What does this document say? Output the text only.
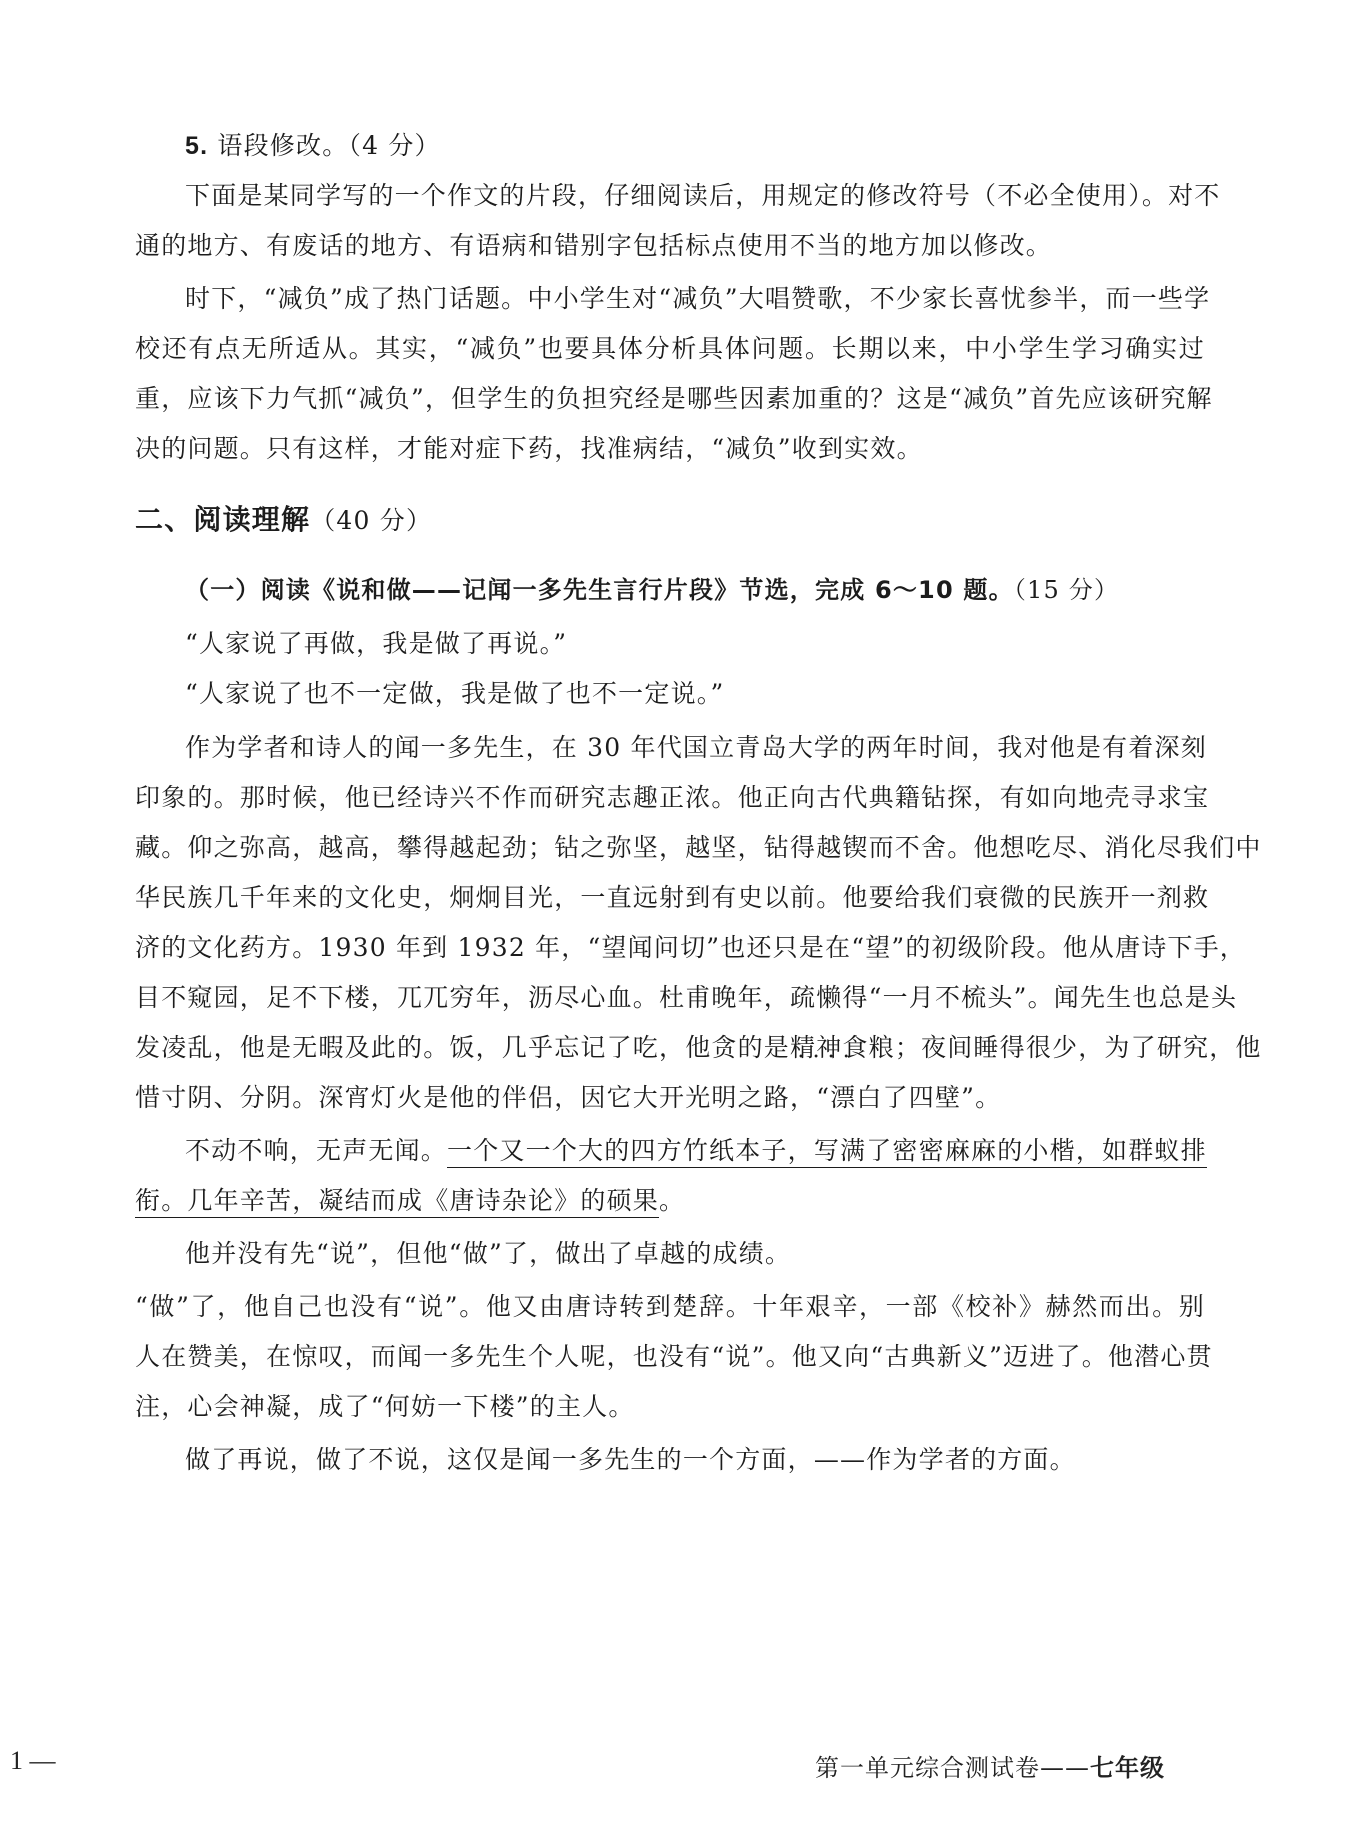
5. 语段修改。（4 分）
下面是某同学写的一个作文的片段，仔细阅读后，用规定的修改符号（不必全使用）。对不
通的地方、有废话的地方、有语病和错别字包括标点使用不当的地方加以修改。
时下，“减负”成了热门话题。中小学生对“减负”大唱赞歌，不少家长喜忧参半，而一些学
校还有点无所适从。其实，“减负”也要具体分析具体问题。长期以来，中小学生学习确实过
重，应该下力气抓“减负”，但学生的负担究经是哪些因素加重的？这是“减负”首先应该研究解
决的问题。只有这样，才能对症下药，找准病结，“减负”收到实效。
二、阅读理解（40 分）
（一）阅读《说和做——记闻一多先生言行片段》节选，完成 6～10 题。（15 分）
“人家说了再做，我是做了再说。”
“人家说了也不一定做，我是做了也不一定说。”
作为学者和诗人的闻一多先生，在 30 年代国立青岛大学的两年时间，我对他是有着深刻
印象的。那时候，他已经诗兴不作而研究志趣正浓。他正向古代典籍钻探，有如向地壳寻求宝
藏。仰之弥高，越高，攀得越起劲；钻之弥坚，越坚，钻得越锲而不舍。他想吃尽、消化尽我们中
华民族几千年来的文化史，炯炯目光，一直远射到有史以前。他要给我们衰微的民族开一剂救
济的文化药方。1930 年到 1932 年，“望闻问切”也还只是在“望”的初级阶段。他从唐诗下手，
目不窥园，足不下楼，兀兀穷年，沥尽心血。杜甫晚年，疏懒得“一月不梳头”。闻先生也总是头
发凌乱，他是无暇及此的。饭，几乎忘记了吃，他贪的是精神食粮 • • ；夜间睡得很少，为了研究，他
惜寸阴、分阴。深宵灯火是他的伴侣，因它大开光明之路，“漂白了四壁”。
不动不响，无声无闻。一个又一个大的四方竹纸本子，写满了密密麻麻的小楷，如群蚁排
衔。几年辛苦，凝结而成《唐诗杂论》的硕果。
他并没有先“说”，但他“做”了，做出了卓越的成绩。
“做”了，他自己也没有“说”。他又由唐诗转到楚辞。十年艰辛，一部《校补》赫然而出。别
人在赞美，在惊叹，而闻一多先生个人呢，也没有“说”。他又向“古典新义”迈进了。他潜心贯
注，心会神凝，成了“何妨一下楼”的主人。
做了再说，做了不说，这仅是闻一多先生的一个方面，——作为学者的方面。
1 —	第一单元综合测试卷——七年级
